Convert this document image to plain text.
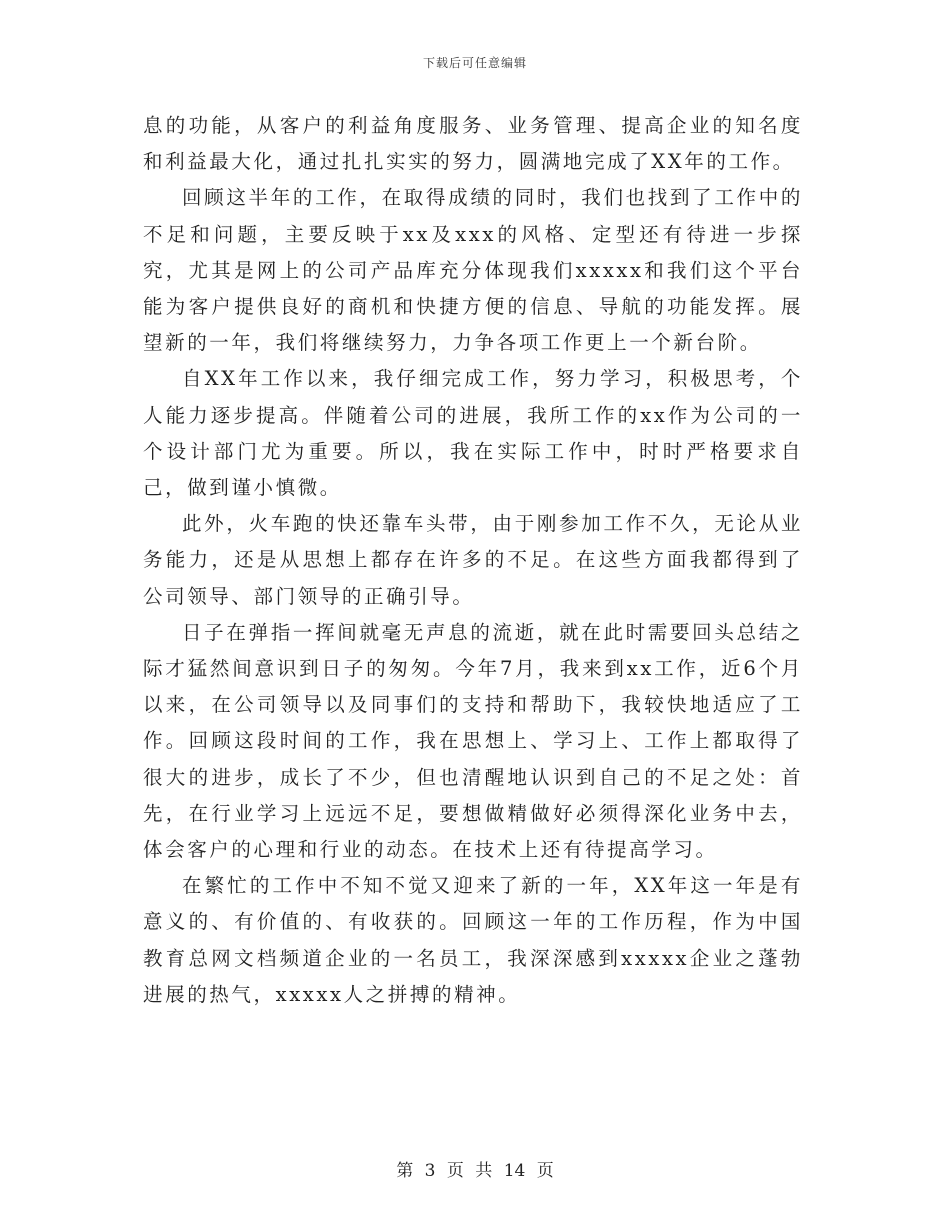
下载后可任意编辑

息的功能，从客户的利益角度服务、业务管理、提高企业的知名度和利益最大化，通过扎扎实实的努力，圆满地完成了XX年的工作。

回顾这半年的工作，在取得成绩的同时，我们也找到了工作中的不足和问题，主要反映于xx及xxx的风格、定型还有待进一步探究，尤其是网上的公司产品库充分体现我们xxxxx和我们这个平台能为客户提供良好的商机和快捷方便的信息、导航的功能发挥。展望新的一年，我们将继续努力，力争各项工作更上一个新台阶。

自XX年工作以来，我仔细完成工作，努力学习，积极思考，个人能力逐步提高。伴随着公司的进展，我所工作的xx作为公司的一个设计部门尤为重要。所以，我在实际工作中，时时严格要求自己，做到谨小慎微。

此外，火车跑的快还靠车头带，由于刚参加工作不久，无论从业务能力，还是从思想上都存在许多的不足。在这些方面我都得到了公司领导、部门领导的正确引导。

日子在弹指一挥间就毫无声息的流逝，就在此时需要回头总结之际才猛然间意识到日子的匆匆。今年7月，我来到xx工作，近6个月以来，在公司领导以及同事们的支持和帮助下，我较快地适应了工作。回顾这段时间的工作，我在思想上、学习上、工作上都取得了很大的进步，成长了不少，但也清醒地认识到自己的不足之处：首先，在行业学习上远远不足，要想做精做好必须得深化业务中去，体会客户的心理和行业的动态。在技术上还有待提高学习。

在繁忙的工作中不知不觉又迎来了新的一年，XX年这一年是有意义的、有价值的、有收获的。回顾这一年的工作历程，作为中国教育总网文档频道企业的一名员工，我深深感到xxxxx企业之蓬勃进展的热气，xxxxx人之拼搏的精神。

第 3 页 共 14 页
